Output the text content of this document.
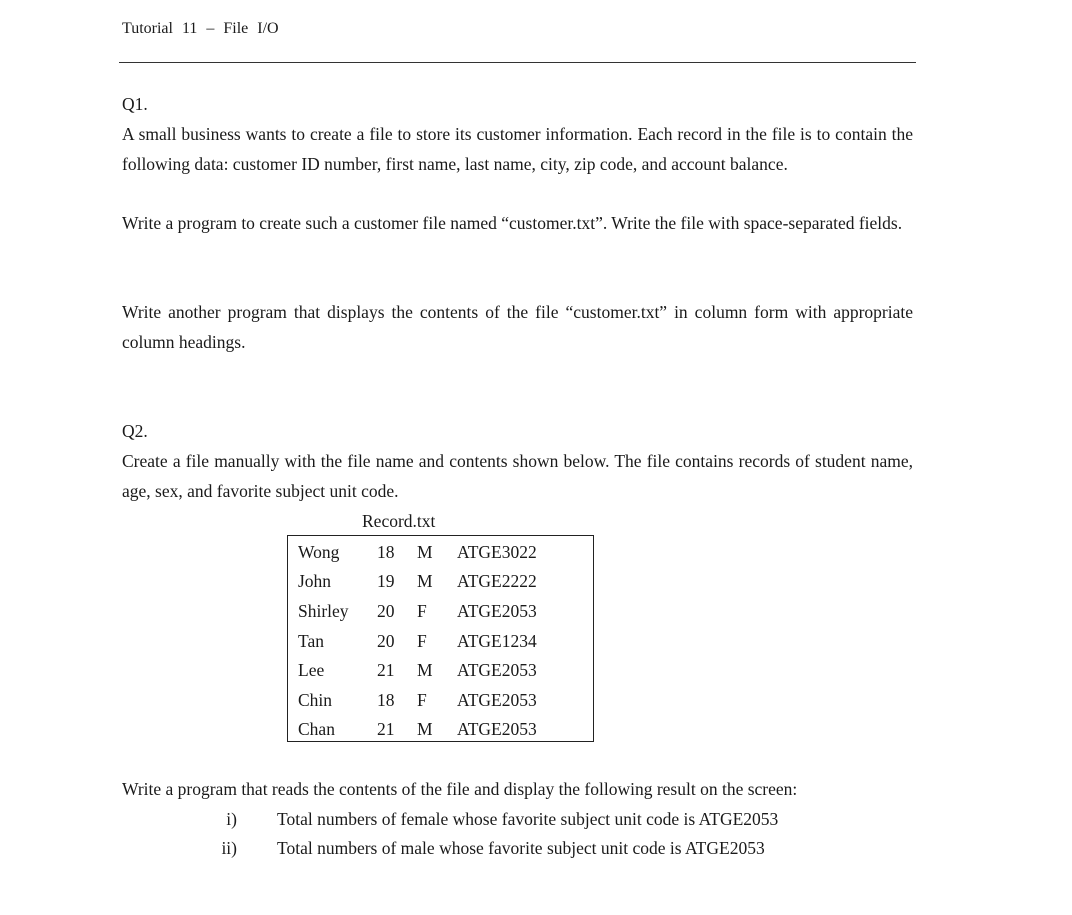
Tutorial 11 – File I/O
Q1.
A small business wants to create a file to store its customer information. Each record in the file is to contain the following data: customer ID number, first name, last name, city, zip code, and account balance.
Write a program to create such a customer file named “customer.txt”. Write the file with space-separated fields.
Write another program that displays the contents of the file “customer.txt” in column form with appropriate column headings.
Q2.
Create a file manually with the file name and contents shown below. The file contains records of student name, age, sex, and favorite subject unit code.
Record.txt
Wong 18 M ATGE3022
John	19 M ATGE2222
Shirley 20 F ATGE2053
Tan	20 F ATGE1234
Lee	21 M ATGE2053
Chin	18 F ATGE2053
Chan 21 M ATGE2053
Write a program that reads the contents of the file and display the following result on the screen:
i) Total numbers of female whose favorite subject unit code is ATGE2053
ii) Total numbers of male whose favorite subject unit code is ATGE2053
